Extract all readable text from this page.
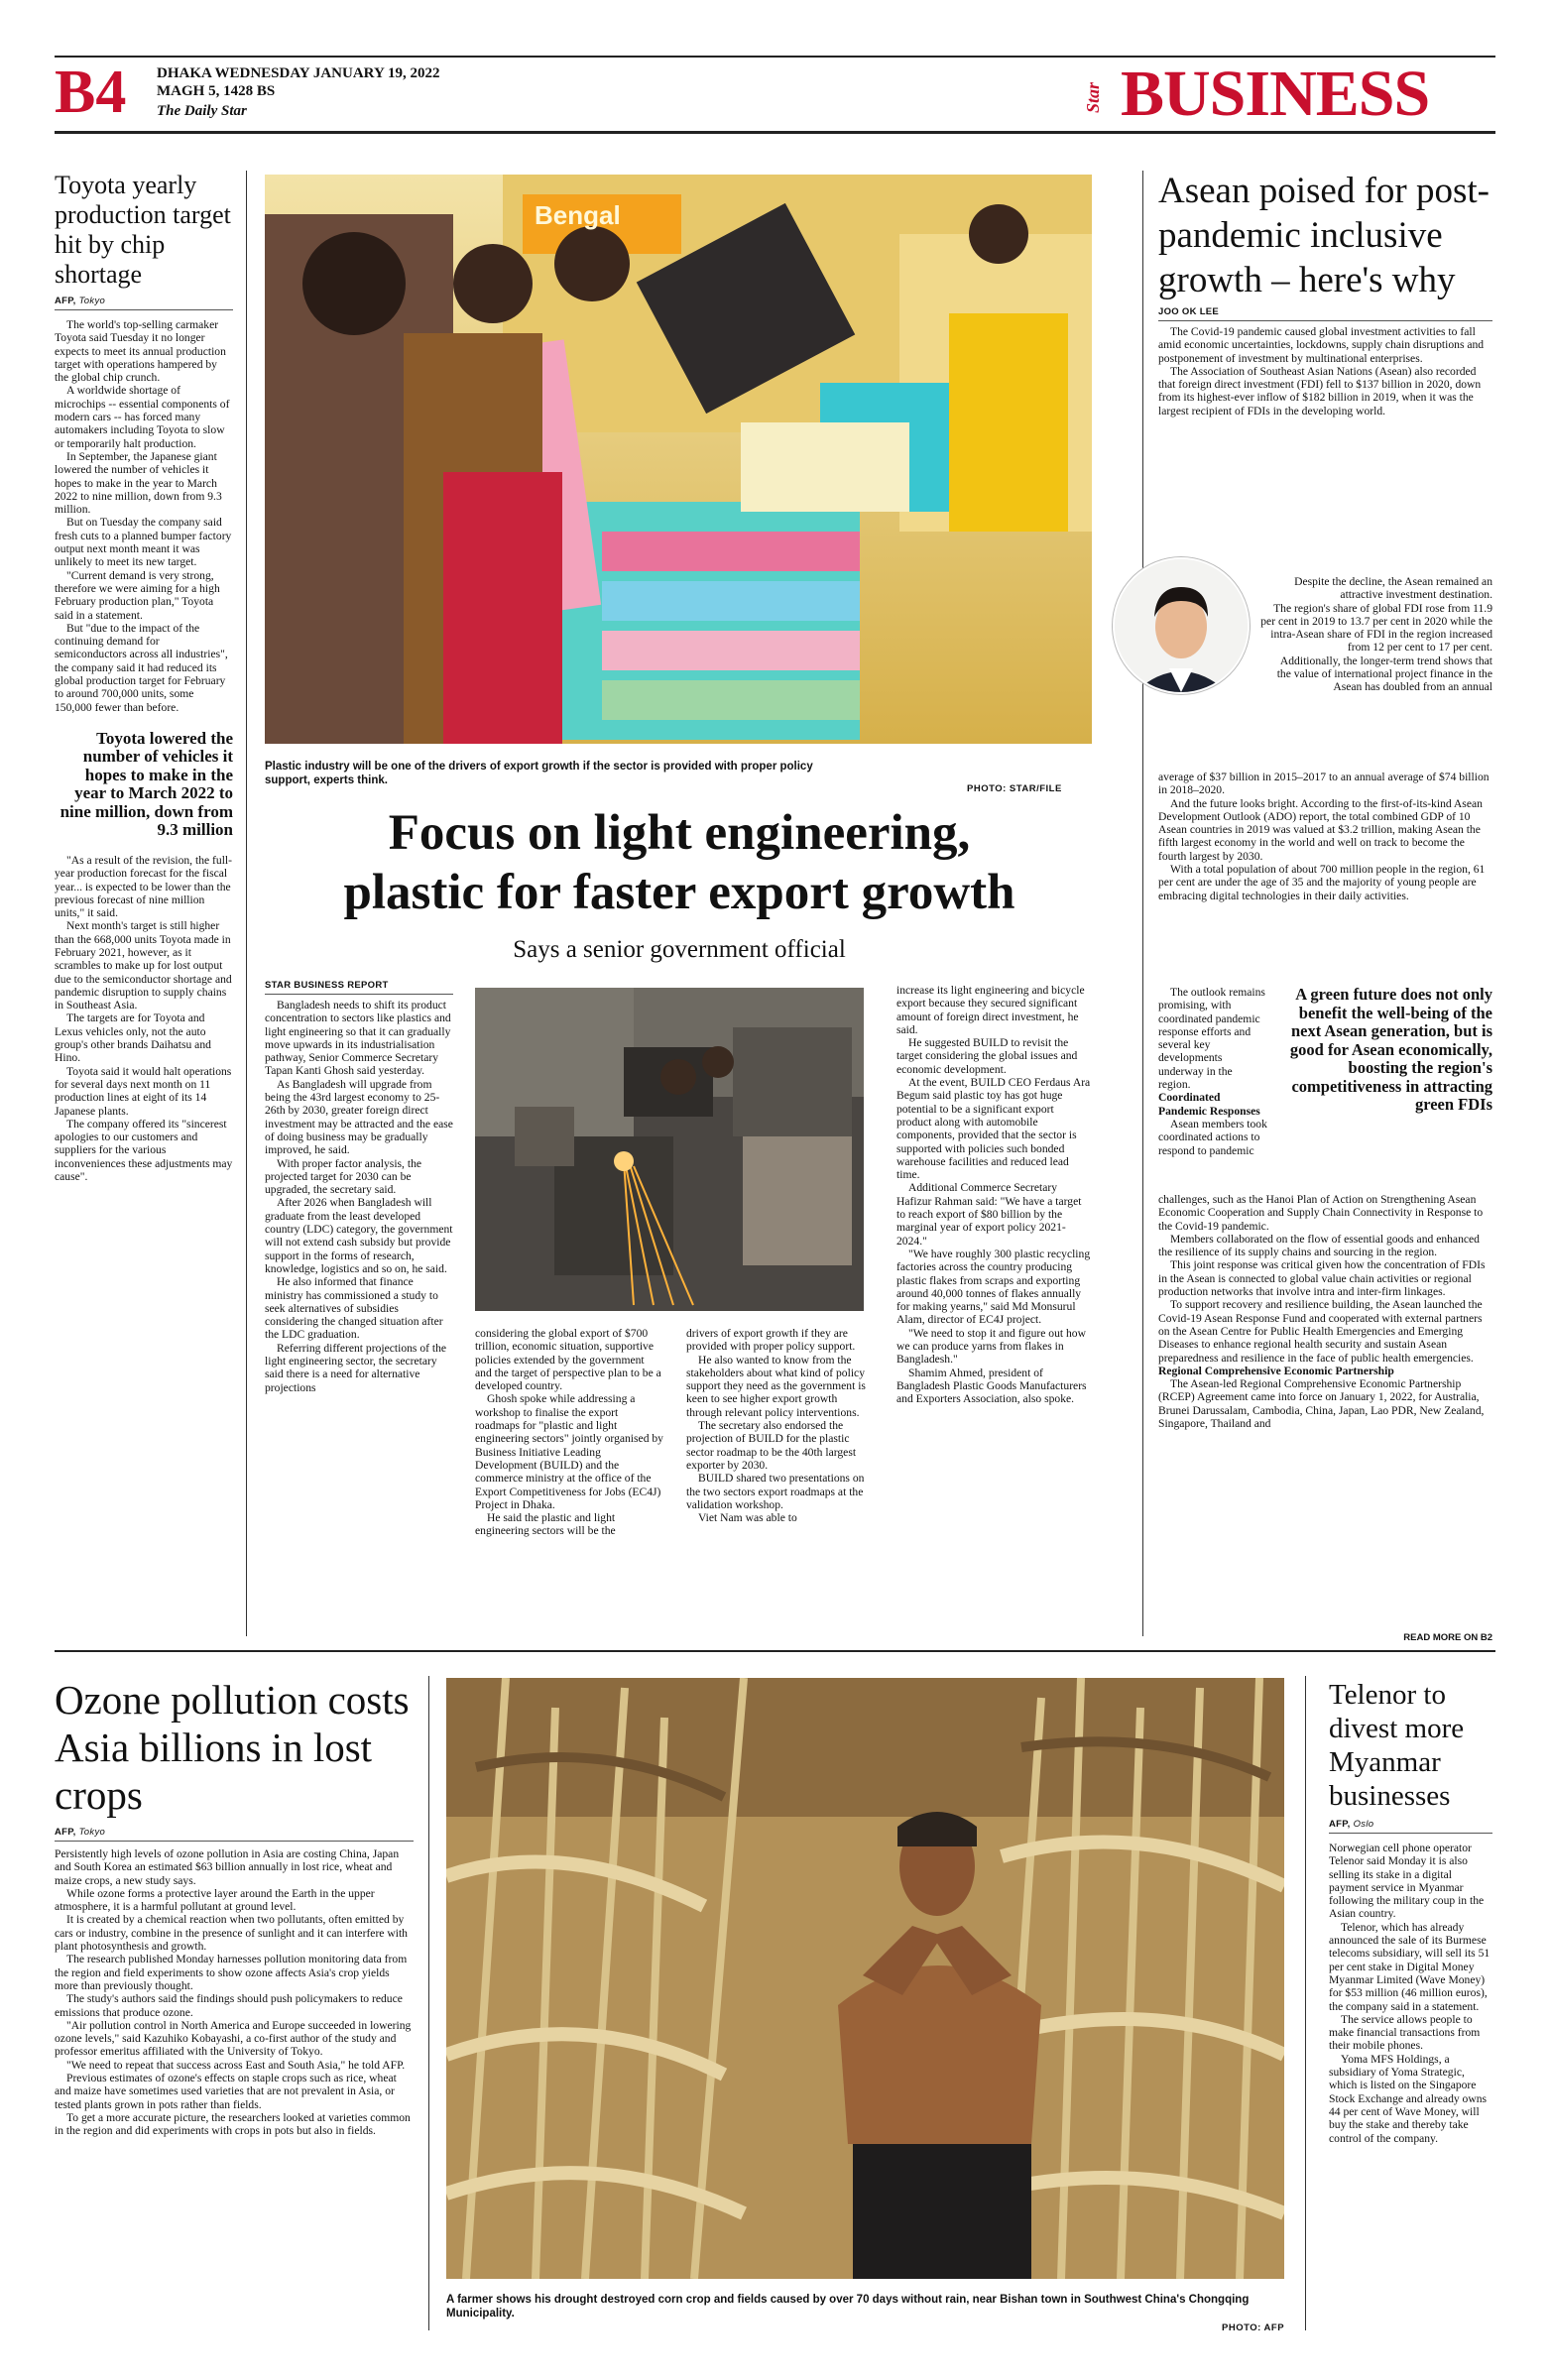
B4 DHAKA WEDNESDAY JANUARY 19, 2022
MAGH 5, 1428 BS
The Daily Star	Star BUSINESS
Toyota yearly production target hit by chip shortage

AFP, Tokyo

The world's top-selling carmaker Toyota said Tuesday it no longer expects to meet its annual production target with operations hampered by the global chip crunch.

A worldwide shortage of microchips -- essential components of modern cars -- has forced many automakers including Toyota to slow or temporarily halt production.

In September, the Japanese giant lowered the number of vehicles it hopes to make in the year to March 2022 to nine million, down from 9.3 million.

But on Tuesday the company said fresh cuts to a planned bumper factory output next month meant it was unlikely to meet its new target.

"Current demand is very strong, therefore we were aiming for a high February production plan," Toyota said in a statement.

But "due to the impact of the continuing demand for semiconductors across all industries", the company said it had reduced its global production target for February to around 700,000 units, some 150,000 fewer than before.

Toyota lowered the number of vehicles it hopes to make in the year to March 2022 to nine million, down from 9.3 million

"As a result of the revision, the full-year production forecast for the fiscal year... is expected to be lower than the previous forecast of nine million units," it said.

Next month's target is still higher than the 668,000 units Toyota made in February 2021, however, as it scrambles to make up for lost output due to the semiconductor shortage and pandemic disruption to supply chains in Southeast Asia.

The targets are for Toyota and Lexus vehicles only, not the auto group's other brands Daihatsu and Hino.

Toyota said it would halt operations for several days next month on 11 production lines at eight of its 14 Japanese plants.

The company offered its "sincerest apologies to our customers and suppliers for the various inconveniences these adjustments may cause".

Bengal

Plastic industry will be one of the drivers of export growth if the sector is provided with proper policy support, experts think.

PHOTO: STAR/FILE
Focus on light engineering,
plastic for faster export growth
Says a senior government official

STAR BUSINESS REPORT

Bangladesh needs to shift its product concentration to sectors like plastics and light engineering so that it can gradually move upwards in its industrialisation pathway, Senior Commerce Secretary Tapan Kanti Ghosh said yesterday.

As Bangladesh will upgrade from being the 43rd largest economy to 25-26th by 2030, greater foreign direct investment may be attracted and the ease of doing business may be gradually improved, he said.

With proper factor analysis, the projected target for 2030 can be upgraded, the secretary said.

After 2026 when Bangladesh will graduate from the least developed country (LDC) category, the government will not extend cash subsidy but provide support in the forms of research, knowledge, logistics and so on, he said.

He also informed that finance ministry has commissioned a study to seek alternatives of subsidies considering the changed situation after the LDC graduation.

Referring different projections of the light engineering sector, the secretary said there is a need for alternative projections

considering the global export of $700 trillion, economic situation, supportive policies extended by the government and the target of perspective plan to be a developed country.

Ghosh spoke while addressing a workshop to finalise the export roadmaps for "plastic and light engineering sectors" jointly organised by Business Initiative Leading Development (BUILD) and the commerce ministry at the office of the Export Competitiveness for Jobs (EC4J) Project in Dhaka.

He said the plastic and light engineering sectors will be the

drivers of export growth if they are provided with proper policy support.

He also wanted to know from the stakeholders about what kind of policy support they need as the government is keen to see higher export growth through relevant policy interventions.

The secretary also endorsed the projection of BUILD for the plastic sector roadmap to be the 40th largest exporter by 2030.

BUILD shared two presentations on the two sectors export roadmaps at the validation workshop.

Viet Nam was able to

increase its light engineering and bicycle export because they secured significant amount of foreign direct investment, he said.

He suggested BUILD to revisit the target considering the global issues and economic development.

At the event, BUILD CEO Ferdaus Ara Begum said plastic toy has got huge potential to be a significant export product along with automobile components, provided that the sector is supported with policies such bonded warehouse facilities and reduced lead time.

Additional Commerce Secretary Hafizur Rahman said: "We have a target to reach export of $80 billion by the marginal year of export policy 2021-2024."

"We have roughly 300 plastic recycling factories across the country producing plastic flakes from scraps and exporting around 40,000 tonnes of flakes annually for making yearns," said Md Monsurul Alam, director of EC4J project.

"We need to stop it and figure out how we can produce yarns from flakes in Bangladesh."

Shamim Ahmed, president of Bangladesh Plastic Goods Manufacturers and Exporters Association, also spoke.

Asean poised for post-pandemic inclusive growth – here's why

JOO OK LEE

The Covid-19 pandemic caused global investment activities to fall amid economic uncertainties, lockdowns, supply chain disruptions and postponement of investment by multinational enterprises.

The Association of Southeast Asian Nations (Asean) also recorded that foreign direct investment (FDI) fell to $137 billion in 2020, down from its highest-ever inflow of $182 billion in 2019, when it was the largest recipient of FDIs in the developing world.

Despite the decline, the Asean remained an attractive investment destination.

The region's share of global FDI rose from 11.9 per cent in 2019 to 13.7 per cent in 2020 while the intra-Asean share of FDI in the region increased from 12 per cent to 17 per cent.

Additionally, the longer-term trend shows that the value of international project finance in the Asean has doubled from an annual

average of $37 billion in 2015–2017 to an annual average of $74 billion in 2018–2020.

And the future looks bright. According to the first-of-its-kind Asean Development Outlook (ADO) report, the total combined GDP of 10 Asean countries in 2019 was valued at $3.2 trillion, making Asean the fifth largest economy in the world and well on track to become the fourth largest by 2030.

With a total population of about 700 million people in the region, 61 per cent are under the age of 35 and the majority of young people are embracing digital technologies in their daily activities.

The outlook remains promising, with coordinated pandemic response efforts and several key developments underway in the region.

Coordinated Pandemic Responses

Asean members took coordinated actions to respond to pandemic

A green future does not only benefit the well-being of the next Asean generation, but is good for Asean economically, boosting the region's competitiveness in attracting green FDIs

challenges, such as the Hanoi Plan of Action on Strengthening Asean Economic Cooperation and Supply Chain Connectivity in Response to the Covid-19 pandemic.

Members collaborated on the flow of essential goods and enhanced the resilience of its supply chains and sourcing in the region.

This joint response was critical given how the concentration of FDIs in the Asean is connected to global value chain activities or regional production networks that involve intra and inter-firm linkages.

To support recovery and resilience building, the Asean launched the Covid-19 Asean Response Fund and cooperated with external partners on the Asean Centre for Public Health Emergencies and Emerging Diseases to enhance regional health security and sustain Asean preparedness and resilience in the face of public health emergencies.

Regional Comprehensive Economic Partnership

The Asean-led Regional Comprehensive Economic Partnership (RCEP) Agreement came into force on January 1, 2022, for Australia, Brunei Darussalam, Cambodia, China, Japan, Lao PDR, New Zealand, Singapore, Thailand and

READ MORE ON B2
Ozone pollution costs Asia billions in lost crops

AFP, Tokyo

Persistently high levels of ozone pollution in Asia are costing China, Japan and South Korea an estimated $63 billion annually in lost rice, wheat and maize crops, a new study says.

While ozone forms a protective layer around the Earth in the upper atmosphere, it is a harmful pollutant at ground level.

It is created by a chemical reaction when two pollutants, often emitted by cars or industry, combine in the presence of sunlight and it can interfere with plant photosynthesis and growth.

The research published Monday harnesses pollution monitoring data from the region and field experiments to show ozone affects Asia's crop yields more than previously thought.

The study's authors said the findings should push policymakers to reduce emissions that produce ozone.

"Air pollution control in North America and Europe succeeded in lowering ozone levels," said Kazuhiko Kobayashi, a co-first author of the study and professor emeritus affiliated with the University of Tokyo.

"We need to repeat that success across East and South Asia," he told AFP.

Previous estimates of ozone's effects on staple crops such as rice, wheat and maize have sometimes used varieties that are not prevalent in Asia, or tested plants grown in pots rather than fields.

To get a more accurate picture, the researchers looked at varieties common in the region and did experiments with crops in pots but also in fields.

A farmer shows his drought destroyed corn crop and fields caused by over 70 days without rain, near Bishan town in Southwest China's Chongqing Municipality.

PHOTO: AFP
Telenor to divest more Myanmar businesses

AFP, Oslo

Norwegian cell phone operator Telenor said Monday it is also selling its stake in a digital payment service in Myanmar following the military coup in the Asian country.

Telenor, which has already announced the sale of its Burmese telecoms subsidiary, will sell its 51 per cent stake in Digital Money Myanmar Limited (Wave Money) for $53 million (46 million euros), the company said in a statement.

The service allows people to make financial transactions from their mobile phones.

Yoma MFS Holdings, a subsidiary of Yoma Strategic, which is listed on the Singapore Stock Exchange and already owns 44 per cent of Wave Money, will buy the stake and thereby take control of the company.
